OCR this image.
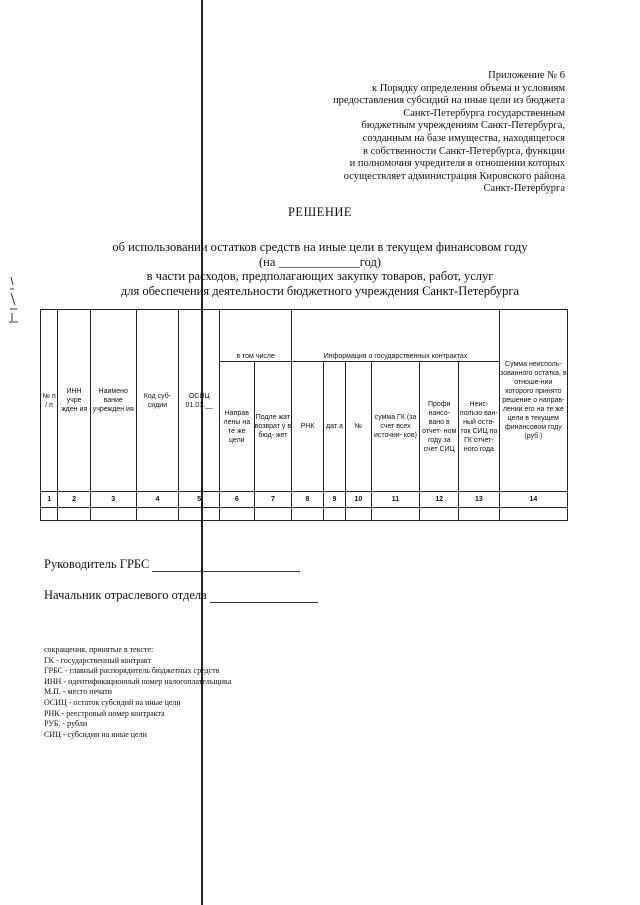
Приложение № 6
к Порядку определения объема и условиям
предоставления субсидий на иные цели из бюджета
Санкт-Петербурга государственным
бюджетным учреждениям Санкт-Петербурга,
созданным на базе имущества, находящегося
в собственности Санкт-Петербурга, функции
и полномочия учредителя в отношении которых
осуществляет администрация Кировского района
Санкт-Петербурга
РЕШЕНИЕ
об использовании остатков средств на иные цели в текущем финансовом году
(на _____________год)
в части расходов, предполагающих закупку товаров, работ, услуг
для обеспечения деятельности бюджетного учреждения Санкт-Петербурга
№ п / п	ИНН учре жден ия	Наимено вание учрежден ия	Код суб- сидии	ОСИЦ 01.01.__	в том числе		Информация о государственных контрактах						Сумма неисполь- зованного остатка, в отноше-нии которого принято решение о направ- лении его на те же цели в текущем финансовом году (руб.)

					Направ лены на те же цели	Подле жат возврат у в бюд- жет	РНК	дат а	№	сумма ГК (за счет всех источни- ков)	Профи нансо- вано в отчет- ном году за счет СИЦ	Неис- пользо ван- ный оста- ток СИЦ по ГК отчет- ного года	
1	2	3	4	5	6	7	8	9	10	11	12	13	14

Руководитель ГРБС
Начальник отраслевого отдела
сокращения, принятые в тексте:
ГК - государственный контракт
ГРБС - главный распорядитель бюджетных средств
ИНН - идентификационный номер налогоплательщика
М.П. - место печати
ОСИЦ - остаток субсидий на иные цели
РНК - реестровый номер контракта
РУБ. - рубли
СИЦ - субсидии на иные цели
